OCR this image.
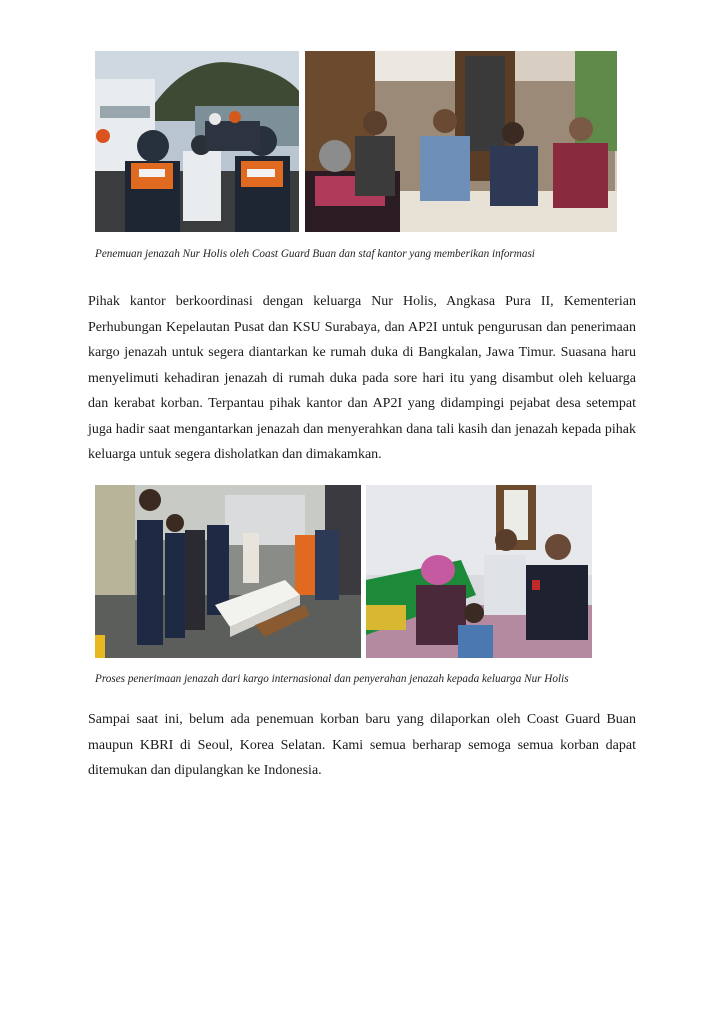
Penemuan jenazah Nur Holis oleh Coast Guard Buan dan staf kantor yang memberikan informasi

Pihak kantor berkoordinasi dengan keluarga Nur Holis, Angkasa Pura II, Kementerian Perhubungan Kepelautan Pusat dan KSU Surabaya, dan AP2I untuk pengurusan dan penerimaan kargo jenazah untuk segera diantarkan ke rumah duka di Bangkalan, Jawa Timur. Suasana haru menyelimuti kehadiran jenazah di rumah duka pada sore hari itu yang disambut oleh keluarga dan kerabat korban. Terpantau pihak kantor dan AP2I yang didampingi pejabat desa setempat juga hadir saat mengantarkan jenazah dan menyerahkan dana tali kasih dan jenazah kepada pihak keluarga untuk segera disholatkan dan dimakamkan.

Proses penerimaan jenazah dari kargo internasional dan penyerahan jenazah kepada keluarga Nur Holis

Sampai saat ini, belum ada penemuan korban baru yang dilaporkan oleh Coast Guard Buan maupun KBRI di Seoul, Korea Selatan. Kami semua berharap semoga semua korban dapat ditemukan dan dipulangkan ke Indonesia.
